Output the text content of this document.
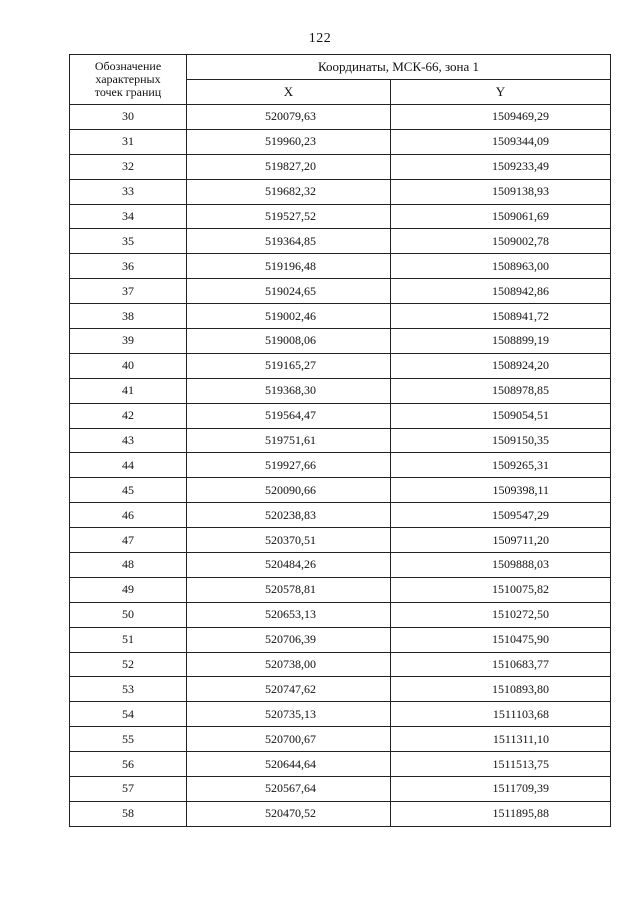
122
Обозначение
характерных
точек границ	Координаты, МСК-66, зона 1	
	X	Y
30	520079,63	1509469,29
31	519960,23	1509344,09
32	519827,20	1509233,49
33	519682,32	1509138,93
34	519527,52	1509061,69
35	519364,85	1509002,78
36	519196,48	1508963,00
37	519024,65	1508942,86
38	519002,46	1508941,72
39	519008,06	1508899,19
40	519165,27	1508924,20
41	519368,30	1508978,85
42	519564,47	1509054,51
43	519751,61	1509150,35
44	519927,66	1509265,31
45	520090,66	1509398,11
46	520238,83	1509547,29
47	520370,51	1509711,20
48	520484,26	1509888,03
49	520578,81	1510075,82
50	520653,13	1510272,50
51	520706,39	1510475,90
52	520738,00	1510683,77
53	520747,62	1510893,80
54	520735,13	1511103,68
55	520700,67	1511311,10
56	520644,64	1511513,75
57	520567,64	1511709,39
58	520470,52	1511895,88
